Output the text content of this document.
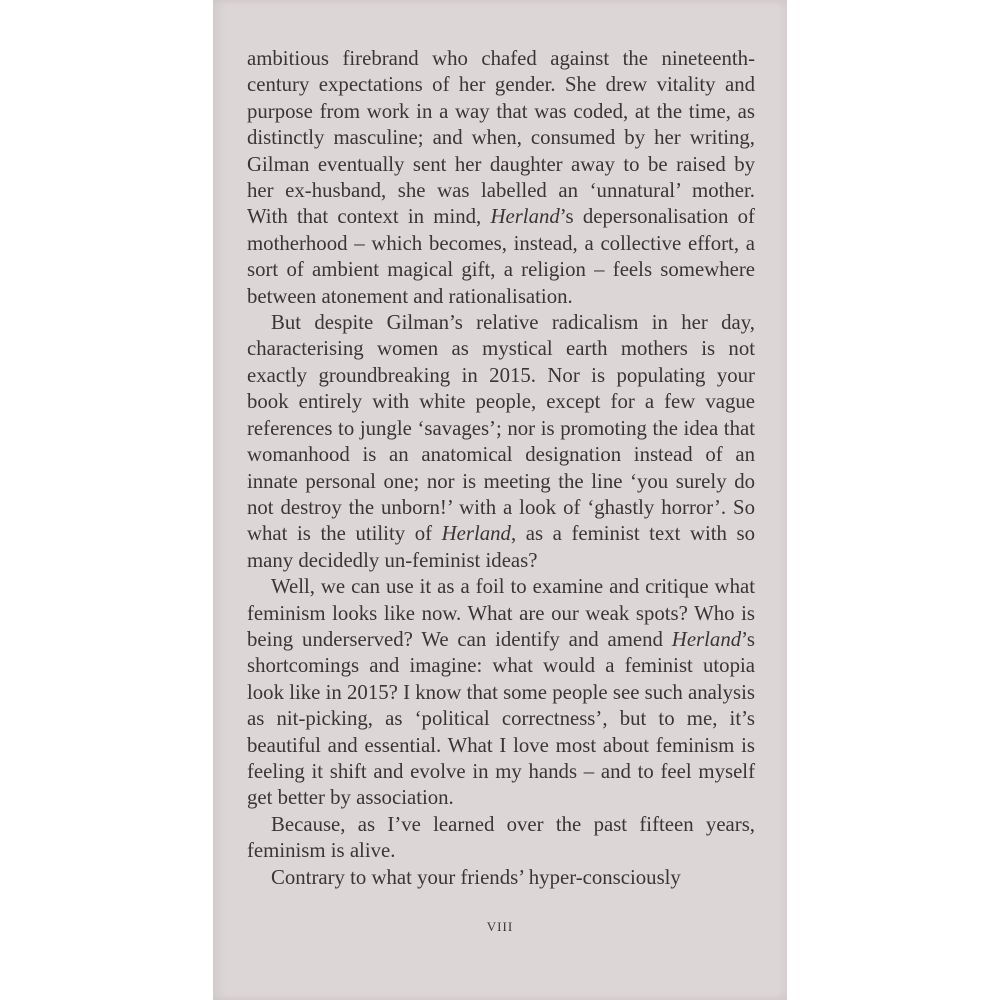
ambitious firebrand who chafed against the nineteenth-century expectations of her gender. She drew vitality and purpose from work in a way that was coded, at the time, as distinctly masculine; and when, consumed by her writing, Gilman eventually sent her daughter away to be raised by her ex-husband, she was labelled an ‘unnatural’ mother. With that context in mind, Herland’s depersonalisation of motherhood – which becomes, instead, a collective effort, a sort of ambient magical gift, a religion – feels somewhere between atonement and rationalisation.

But despite Gilman’s relative radicalism in her day, characterising women as mystical earth mothers is not exactly groundbreaking in 2015. Nor is populating your book entirely with white people, except for a few vague references to jungle ‘savages’; nor is promoting the idea that womanhood is an anatomical designation instead of an innate personal one; nor is meeting the line ‘you surely do not destroy the unborn!’ with a look of ‘ghastly horror’. So what is the utility of Herland, as a feminist text with so many decidedly un-feminist ideas?

Well, we can use it as a foil to examine and critique what feminism looks like now. What are our weak spots? Who is being underserved? We can identify and amend Herland’s shortcomings and imagine: what would a feminist utopia look like in 2015? I know that some people see such analysis as nit-picking, as ‘political correctness’, but to me, it’s beautiful and essential. What I love most about feminism is feeling it shift and evolve in my hands – and to feel myself get better by association.

Because, as I’ve learned over the past fifteen years, feminism is alive.

Contrary to what your friends’ hyper-consciously

VIII
